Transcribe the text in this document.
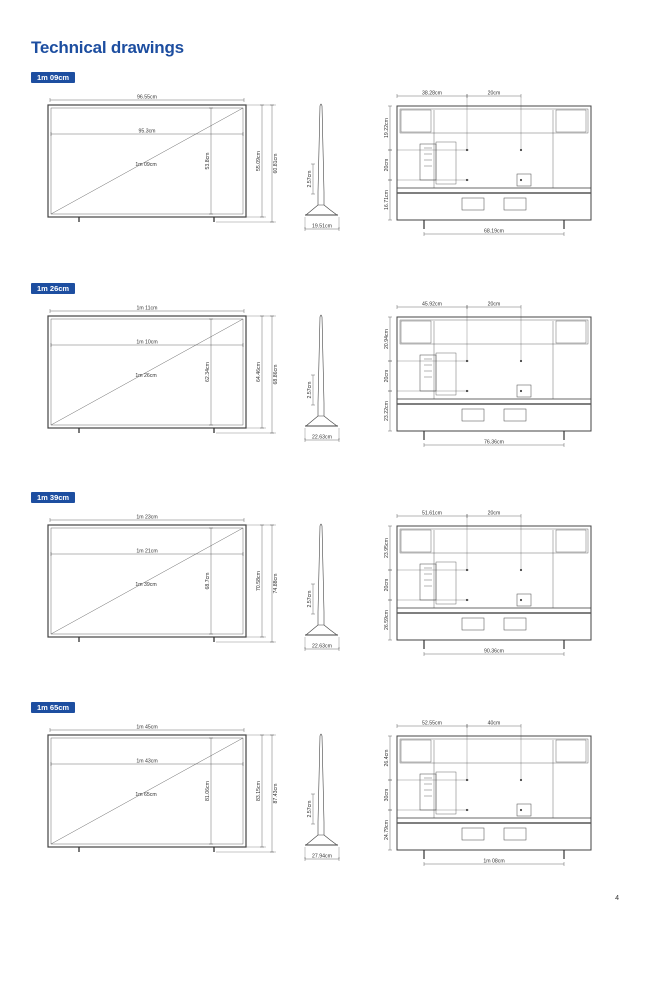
Technical drawings
1m 09cm
96.55cm
95.3cm
1m 09cm	53.8cm	55.09cm 60.81cm
2.57cm
19.51cm
38.28cm	20cm
19.22cm
20cm
16.71cm
68.19cm
1m 26cm
1m 11cm
1m 10cm
1m 26cm	62.34cm	64.46cm 68.86cm
2.57cm
22.63cm
45.92cm	20cm
20.94cm
20cm
23.22cm
76.36cm
1m 39cm
1m 23cm
1m 21cm
1m 39cm	68.7cm	70.58cm 74.88cm
2.57cm
22.63cm
51.61cm	20cm
23.95cm
20cm
26.59cm
90.36cm
1m 65cm
1m 45cm
1m 43cm
1m 65cm	81.06cm	83.15cm 87.43cm
2.57cm
27.94cm
52.55cm	40cm
26.4cm
30cm
24.79cm
1m 08cm
4
